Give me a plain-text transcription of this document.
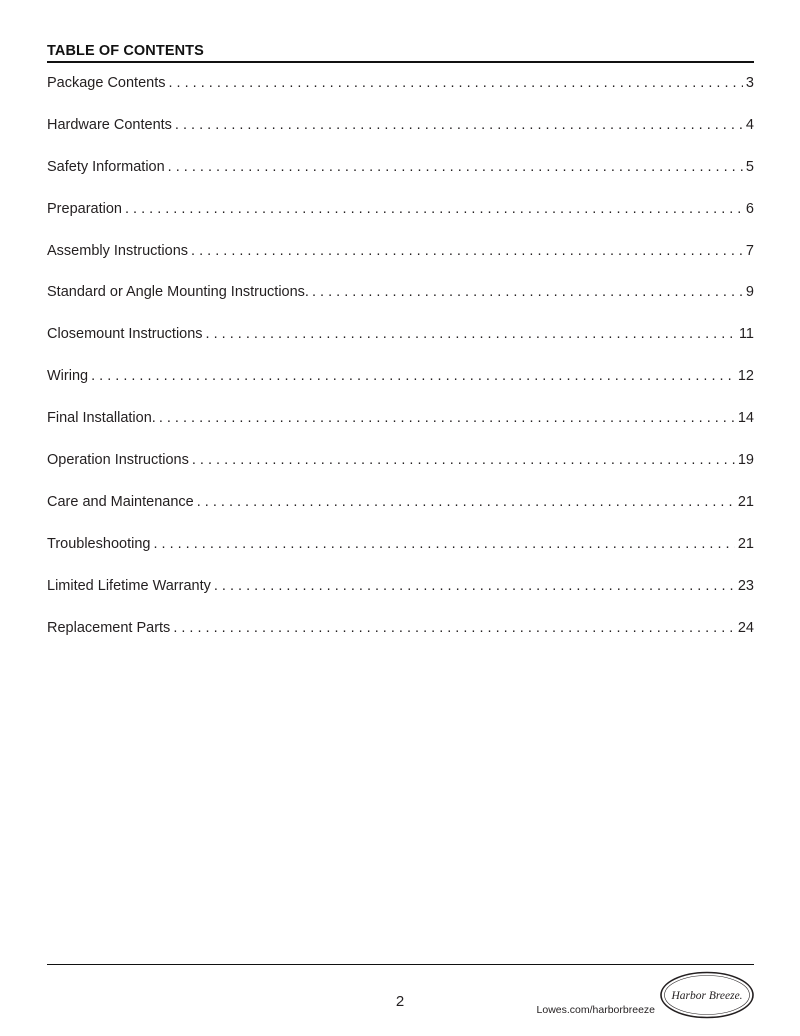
TABLE OF CONTENTS
Package Contents . . .	3
Hardware Contents . . .	4
Safety Information . . .	5
Preparation . . .	6
Assembly Instructions . . .	7
Standard or Angle Mounting Instructions. . . .	9
Closemount Instructions . . .	11
Wiring . . .	12
Final Installation. . . .	14
Operation Instructions . . .	19
Care and Maintenance . . .	21
Troubleshooting . . .	21
Limited Lifetime Warranty . . .	23
Replacement Parts . . .	24
2	Lowes.com/harborbreeze
Harbor Breeze.
